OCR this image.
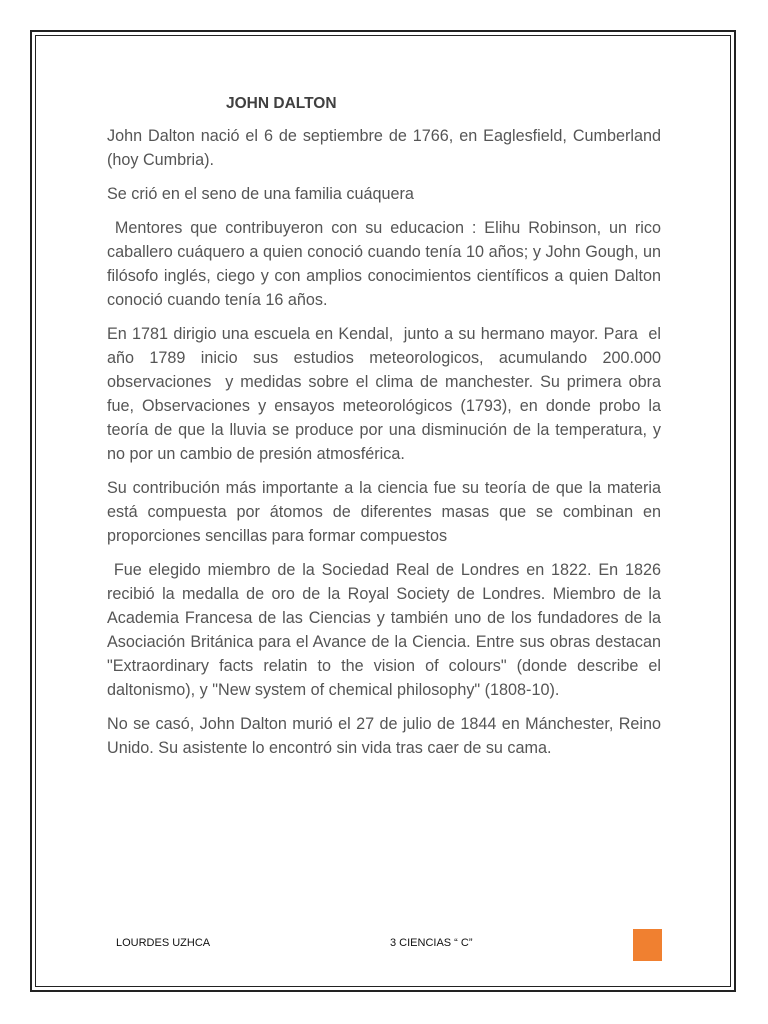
JOHN DALTON

John Dalton nació el 6 de septiembre de 1766, en Eaglesfield, Cumberland (hoy Cumbria).

Se crió en el seno de una familia cuáquera

Mentores que contribuyeron con su educacion : Elihu Robinson, un rico caballero cuáquero a quien conoció cuando tenía 10 años; y John Gough, un filósofo inglés, ciego y con amplios conocimientos científicos a quien Dalton conoció cuando tenía 16 años.

En 1781 dirigio una escuela en Kendal,  junto a su hermano mayor. Para  el año 1789 inicio sus estudios meteorologicos, acumulando 200.000 observaciones  y medidas sobre el clima de manchester. Su primera obra fue, Observaciones y ensayos meteorológicos (1793), en donde probo la teoría de que la lluvia se produce por una disminución de la temperatura, y no por un cambio de presión atmosférica.

Su contribución más importante a la ciencia fue su teoría de que la materia está compuesta por átomos de diferentes masas que se combinan en proporciones sencillas para formar compuestos

Fue elegido miembro de la Sociedad Real de Londres en 1822. En 1826 recibió la medalla de oro de la Royal Society de Londres. Miembro de la Academia Francesa de las Ciencias y también uno de los fundadores de la Asociación Británica para el Avance de la Ciencia. Entre sus obras destacan "Extraordinary facts relatin to the vision of colours" (donde describe el daltonismo), y "New system of chemical philosophy" (1808-10).

No se casó, John Dalton murió el 27 de julio de 1844 en Mánchester, Reino Unido. Su asistente lo encontró sin vida tras caer de su cama.

LOURDES UZHCA	3 CIENCIAS “ C”
